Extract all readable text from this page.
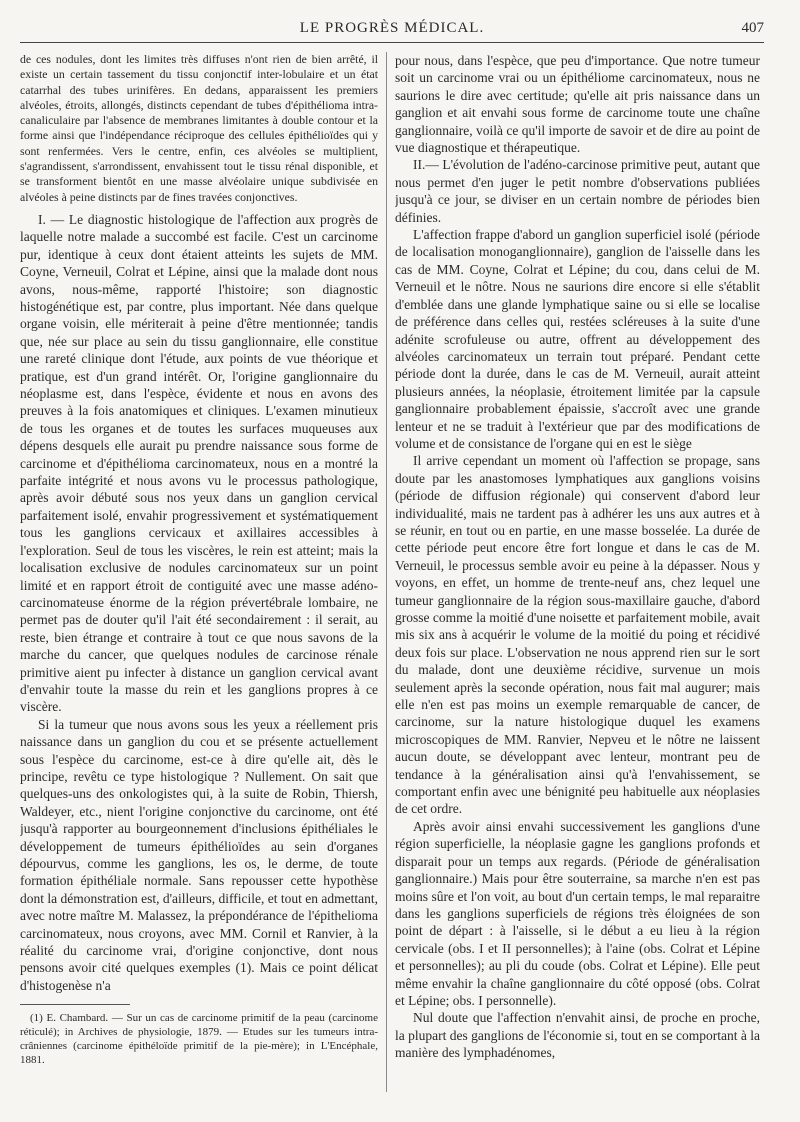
LE PROGRÈS MÉDICAL.	407

de ces nodules, dont les limites très diffuses n'ont rien de bien arrêté, il existe un certain tassement du tissu conjonctif inter-lobulaire et un état catarrhal des tubes urinifères. En dedans, apparaissent les premiers alvéoles, étroits, allongés, distincts cependant de tubes d'épithélioma intra-canaliculaire par l'absence de membranes limitantes à double contour et la forme ainsi que l'indépendance réciproque des cellules épithélioïdes qui y sont renfermées. Vers le centre, enfin, ces alvéoles se multiplient, s'agrandissent, s'arrondissent, envahissent tout le tissu rénal disponible, et se transforment bientôt en une masse alvéolaire unique subdivisée en alvéoles à peine distincts par de fines travées conjonctives.

I. — Le diagnostic histologique de l'affection aux progrès de laquelle notre malade a succombé est facile. C'est un carcinome pur, identique à ceux dont étaient atteints les sujets de MM. Coyne, Verneuil, Colrat et Lépine, ainsi que la malade dont nous avons, nous-même, rapporté l'histoire; son diagnostic histogénétique est, par contre, plus important. Née dans quelque organe voisin, elle mériterait à peine d'être mentionnée; tandis que, née sur place au sein du tissu ganglionnaire, elle constitue une rareté clinique dont l'étude, aux points de vue théorique et pratique, est d'un grand intérêt. Or, l'origine ganglionnaire du néoplasme est, dans l'espèce, évidente et nous en avons des preuves à la fois anatomiques et cliniques. L'examen minutieux de tous les organes et de toutes les surfaces muqueuses aux dépens desquels elle aurait pu prendre naissance sous forme de carcinome et d'épithélioma carcinomateux, nous en a montré la parfaite intégrité et nous avons vu le processus pathologique, après avoir débuté sous nos yeux dans un ganglion cervical parfaitement isolé, envahir progressivement et systématiquement tous les ganglions cervicaux et axillaires accessibles à l'exploration. Seul de tous les viscères, le rein est atteint; mais la localisation exclusive de nodules carcinomateux sur un point limité et en rapport étroit de contiguité avec une masse adéno-carcinomateuse énorme de la région prévertébrale lombaire, ne permet pas de douter qu'il l'ait été secondairement : il serait, au reste, bien étrange et contraire à tout ce que nous savons de la marche du cancer, que quelques nodules de carcinose rénale primitive aient pu infecter à distance un ganglion cervical avant d'envahir toute la masse du rein et les ganglions propres à ce viscère.

Si la tumeur que nous avons sous les yeux a réellement pris naissance dans un ganglion du cou et se présente actuellement sous l'espèce du carcinome, est-ce à dire qu'elle ait, dès le principe, revêtu ce type histologique ? Nullement. On sait que quelques-uns des onkologistes qui, à la suite de Robin, Thiersh, Waldeyer, etc., nient l'origine conjonctive du carcinome, ont été jusqu'à rapporter au bourgeonnement d'inclusions épithéliales le développement de tumeurs épithélioïdes au sein d'organes dépourvus, comme les ganglions, les os, le derme, de toute formation épithéliale normale. Sans repousser cette hypothèse dont la démonstration est, d'ailleurs, difficile, et tout en admettant, avec notre maître M. Malassez, la prépondérance de l'épithelioma carcinomateux, nous croyons, avec MM. Cornil et Ranvier, à la réalité du carcinome vrai, d'origine conjonctive, dont nous pensons avoir cité quelques exemples (1). Mais ce point délicat d'histogenèse n'a

(1) E. Chambard. — Sur un cas de carcinome primitif de la peau (carcinome réticulé); in Archives de physiologie, 1879. — Etudes sur les tumeurs intra-crâniennes (carcinome épithéloïde primitif de la pie-mère); in L'Encéphale, 1881.

pour nous, dans l'espèce, que peu d'importance. Que notre tumeur soit un carcinome vrai ou un épithéliome carcinomateux, nous ne saurions le dire avec certitude; qu'elle ait pris naissance dans un ganglion et ait envahi sous forme de carcinome toute une chaîne ganglionnaire, voilà ce qu'il importe de savoir et de dire au point de vue diagnostique et thérapeutique.

II.— L'évolution de l'adéno-carcinose primitive peut, autant que nous permet d'en juger le petit nombre d'observations publiées jusqu'à ce jour, se diviser en un certain nombre de périodes bien définies.

L'affection frappe d'abord un ganglion superficiel isolé (période de localisation monoganglionnaire), ganglion de l'aisselle dans les cas de MM. Coyne, Colrat et Lépine; du cou, dans celui de M. Verneuil et le nôtre. Nous ne saurions dire encore si elle s'établit d'emblée dans une glande lymphatique saine ou si elle se localise de préférence dans celles qui, restées scléreuses à la suite d'une adénite scrofuleuse ou autre, offrent au développement des alvéoles carcinomateux un terrain tout préparé. Pendant cette période dont la durée, dans le cas de M. Verneuil, aurait atteint plusieurs années, la néoplasie, étroitement limitée par la capsule ganglionnaire probablement épaissie, s'accroît avec une grande lenteur et ne se traduit à l'extérieur que par des modifications de volume et de consistance de l'organe qui en est le siège

Il arrive cependant un moment où l'affection se propage, sans doute par les anastomoses lymphatiques aux ganglions voisins (période de diffusion régionale) qui conservent d'abord leur individualité, mais ne tardent pas à adhérer les uns aux autres et à se réunir, en tout ou en partie, en une masse bosselée. La durée de cette période peut encore être fort longue et dans le cas de M. Verneuil, le processus semble avoir eu peine à la dépasser. Nous y voyons, en effet, un homme de trente-neuf ans, chez lequel une tumeur ganglionnaire de la région sous-maxillaire gauche, d'abord grosse comme la moitié d'une noisette et parfaitement mobile, avait mis six ans à acquérir le volume de la moitié du poing et récidivé deux fois sur place. L'observation ne nous apprend rien sur le sort du malade, dont une deuxième récidive, survenue un mois seulement après la seconde opération, nous fait mal augurer; mais elle n'en est pas moins un exemple remarquable de cancer, de carcinome, sur la nature histologique duquel les examens microscopiques de MM. Ranvier, Nepveu et le nôtre ne laissent aucun doute, se développant avec lenteur, montrant peu de tendance à la généralisation ainsi qu'à l'envahissement, se comportant enfin avec une bénignité peu habituelle aux néoplasies de cet ordre.

Après avoir ainsi envahi successivement les ganglions d'une région superficielle, la néoplasie gagne les ganglions profonds et disparait pour un temps aux regards. (Période de généralisation ganglionnaire.) Mais pour être souterraine, sa marche n'en est pas moins sûre et l'on voit, au bout d'un certain temps, le mal reparaitre dans les ganglions superficiels de régions très éloignées de son point de départ : à l'aisselle, si le début a eu lieu à la région cervicale (obs. I et II personnelles); à l'aine (obs. Colrat et Lépine et personnelles); au pli du coude (obs. Colrat et Lépine). Elle peut même envahir la chaîne ganglionnaire du côté opposé (obs. Colrat et Lépine; obs. I personnelle).

Nul doute que l'affection n'envahit ainsi, de proche en proche, la plupart des ganglions de l'économie si, tout en se comportant à la manière des lymphadénomes,
